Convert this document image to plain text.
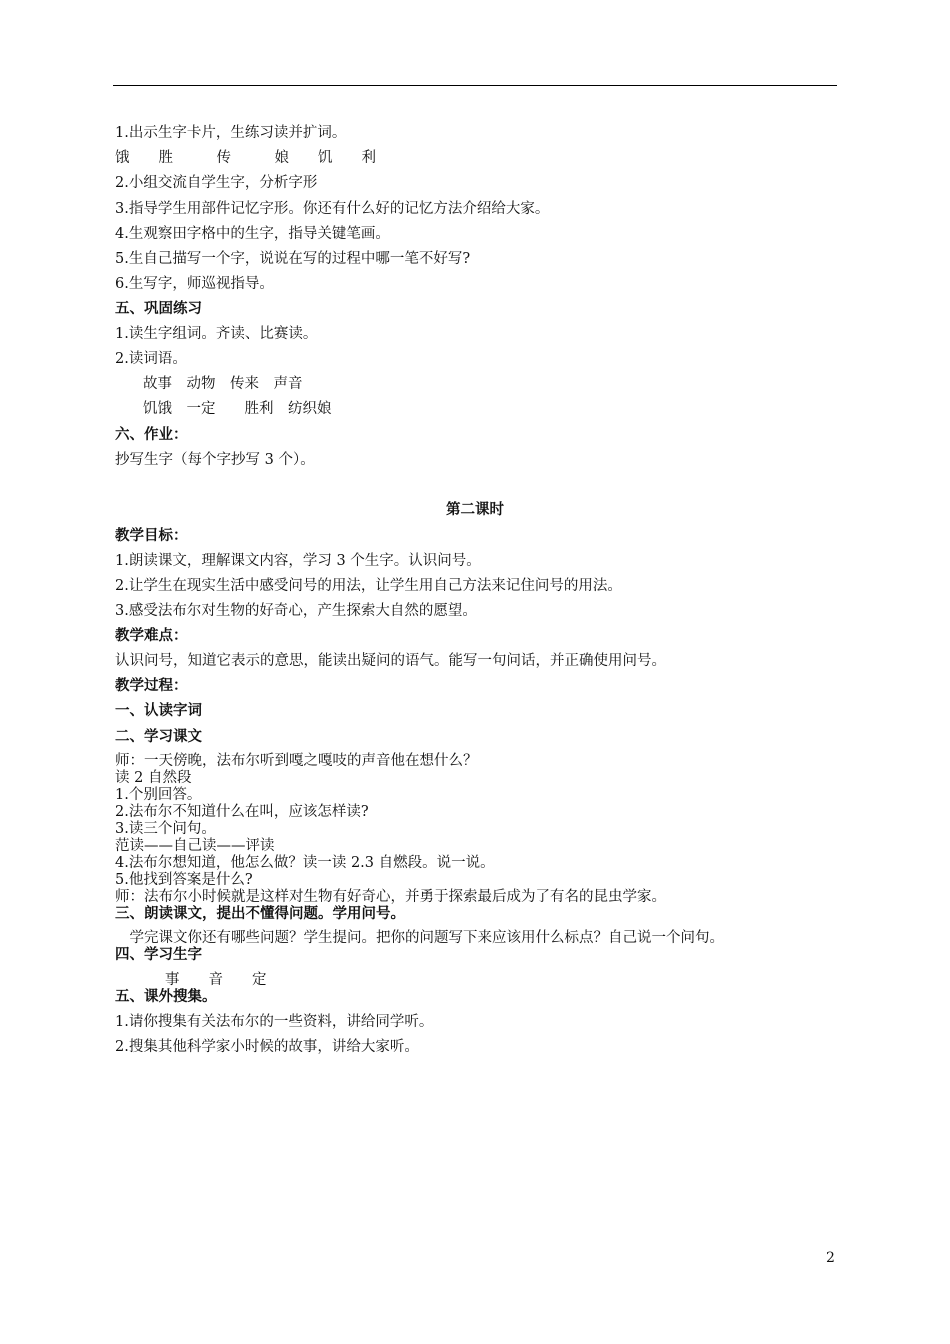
1.出示生字卡片，生练习读并扩词。
饿　　胜　　　传　　　娘　　饥　　利
2.小组交流自学生字，分析字形
3.指导学生用部件记忆字形。你还有什么好的记忆方法介绍给大家。
4.生观察田字格中的生字，指导关键笔画。
5.生自己描写一个字，说说在写的过程中哪一笔不好写?
6.生写字，师巡视指导。
五、巩固练习
1.读生字组词。齐读、比赛读。
2.读词语。
故事　动物　传来　声音
饥饿　一定　　胜利　纺织娘
六、作业：
抄写生字（每个字抄写 3 个）。
第二课时
教学目标：
1.朗读课文，理解课文内容，学习 3 个生字。认识问号。
2.让学生在现实生活中感受问号的用法，让学生用自己方法来记住问号的用法。
3.感受法布尔对生物的好奇心，产生探索大自然的愿望。
教学难点：
认识问号，知道它表示的意思，能读出疑问的语气。能写一句问话，并正确使用问号。
教学过程：
一、认读字词
二、学习课文
师：一天傍晚，法布尔听到嘎之嘎吱的声音他在想什么？
读 2 自然段
1.个别回答。
2.法布尔不知道什么在叫，应该怎样读?
3.读三个问句。
范读——自己读——评读
4.法布尔想知道，他怎么做？读一读 2.3 自燃段。说一说。
5.他找到答案是什么?
师：法布尔小时候就是这样对生物有好奇心，并勇于探索最后成为了有名的昆虫学家。
三、朗读课文，提出不懂得问题。学用问号。
　学完课文你还有哪些问题？学生提问。把你的问题写下来应该用什么标点？自己说一个问句。
四、学习生字
事　　音　　定
五、课外搜集。
1.请你搜集有关法布尔的一些资料，讲给同学听。
2.搜集其他科学家小时候的故事，讲给大家听。
2
